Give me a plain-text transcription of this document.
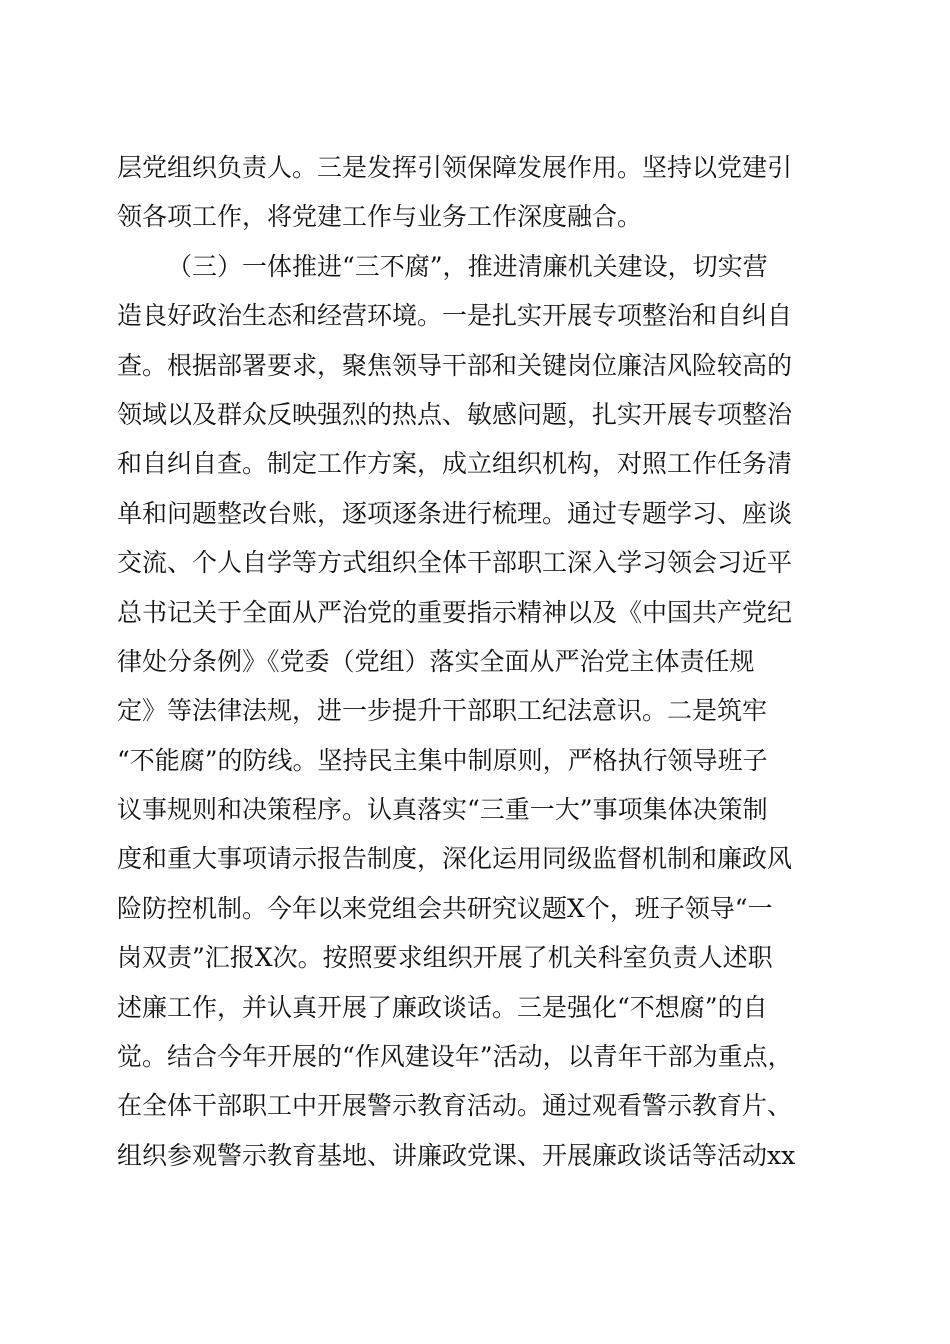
层党组织负责人。三是发挥引领保障发展作用。坚持以党建引
领各项工作，将党建工作与业务工作深度融合。
（三）一体推进“三不腐”，推进清廉机关建设，切实营
造良好政治生态和经营环境。一是扎实开展专项整治和自纠自
查。根据部署要求，聚焦领导干部和关键岗位廉洁风险较高的
领域以及群众反映强烈的热点、敏感问题，扎实开展专项整治
和自纠自查。制定工作方案，成立组织机构，对照工作任务清
单和问题整改台账，逐项逐条进行梳理。通过专题学习、座谈
交流、个人自学等方式组织全体干部职工深入学习领会习近平
总书记关于全面从严治党的重要指示精神以及《中国共产党纪
律处分条例》《党委（党组）落实全面从严治党主体责任规
定》等法律法规，进一步提升干部职工纪法意识。二是筑牢
“不能腐”的防线。坚持民主集中制原则，严格执行领导班子
议事规则和决策程序。认真落实“三重一大”事项集体决策制
度和重大事项请示报告制度，深化运用同级监督机制和廉政风
险防控机制。今年以来党组会共研究议题X个，班子领导“一
岗双责”汇报X次。按照要求组织开展了机关科室负责人述职
述廉工作，并认真开展了廉政谈话。三是强化“不想腐”的自
觉。结合今年开展的“作风建设年”活动，以青年干部为重点，
在全体干部职工中开展警示教育活动。通过观看警示教育片、
组织参观警示教育基地、讲廉政党课、开展廉政谈话等活动xx
